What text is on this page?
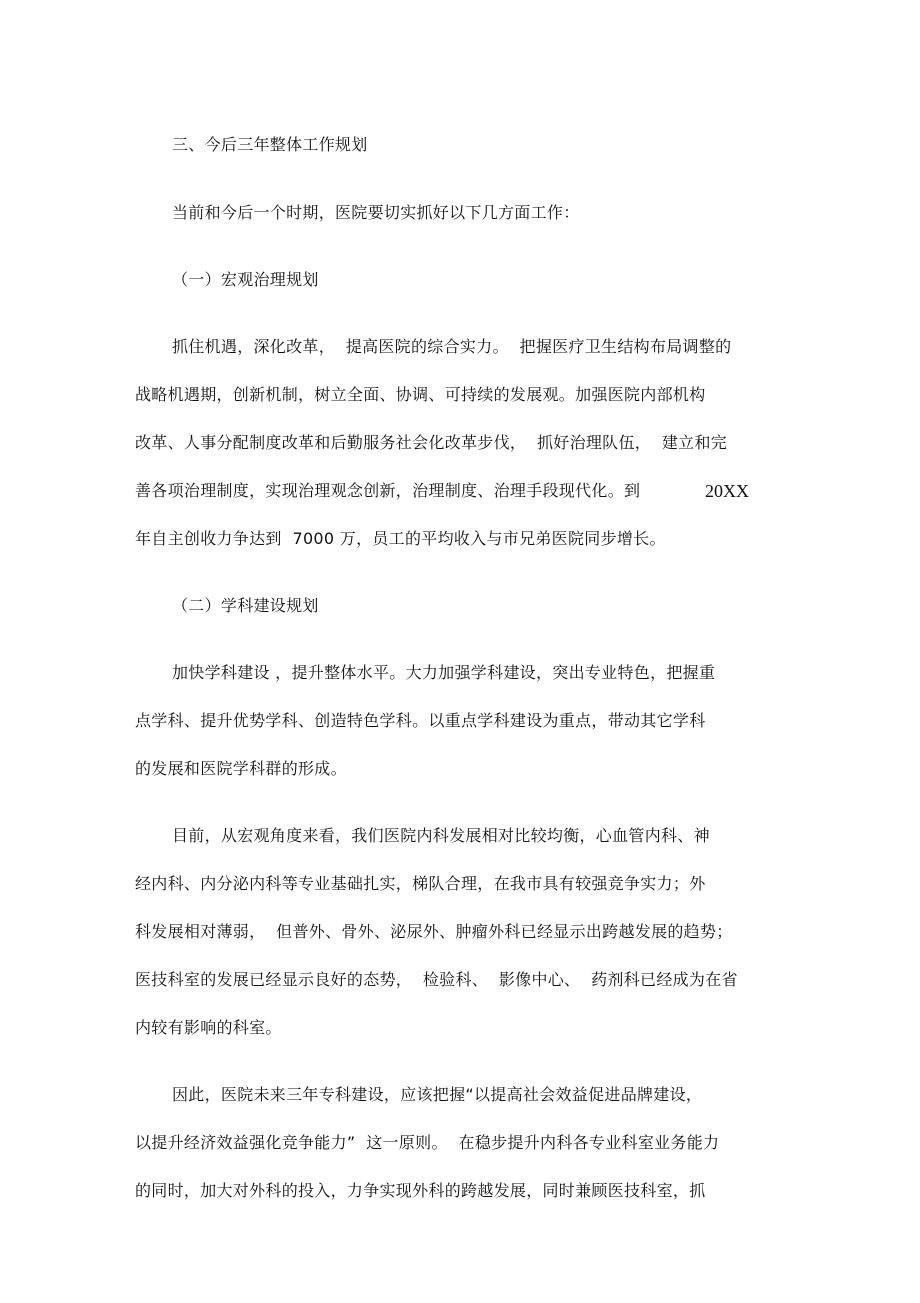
三、今后三年整体工作规划

当前和今后一个时期，医院要切实抓好以下几方面工作：

（一）宏观治理规划

抓住机遇，深化改革，  提高医院的综合实力。  把握医疗卫生结构布局调整的

战略机遇期，创新机制，树立全面、协调、可持续的发展观。加强医院内部机构

改革、人事分配制度改革和后勤服务社会化改革步伐，  抓好治理队伍，  建立和完

善各项治理制度，实现治理观念创新，治理制度、治理手段现代化。到	20XX

年自主创收力争达到  7000 万，员工的平均收入与市兄弟医院同步增长。

（二）学科建设规划

加快学科建设 ，提升整体水平。大力加强学科建设，突出专业特色，把握重

点学科、提升优势学科、创造特色学科。以重点学科建设为重点，带动其它学科

的发展和医院学科群的形成。

目前，从宏观角度来看，我们医院内科发展相对比较均衡，心血管内科、神

经内科、内分泌内科等专业基础扎实，梯队合理，在我市具有较强竞争实力；外

科发展相对薄弱，  但普外、骨外、泌尿外、肿瘤外科已经显示出跨越发展的趋势；

医技科室的发展已经显示良好的态势，  检验科、  影像中心、  药剂科已经成为在省

内较有影响的科室。

因此，医院未来三年专科建设，应该把握“以提高社会效益促进品牌建设，

以提升经济效益强化竞争能力”  这一原则。  在稳步提升内科各专业科室业务能力

的同时，加大对外科的投入，力争实现外科的跨越发展，同时兼顾医技科室，抓
